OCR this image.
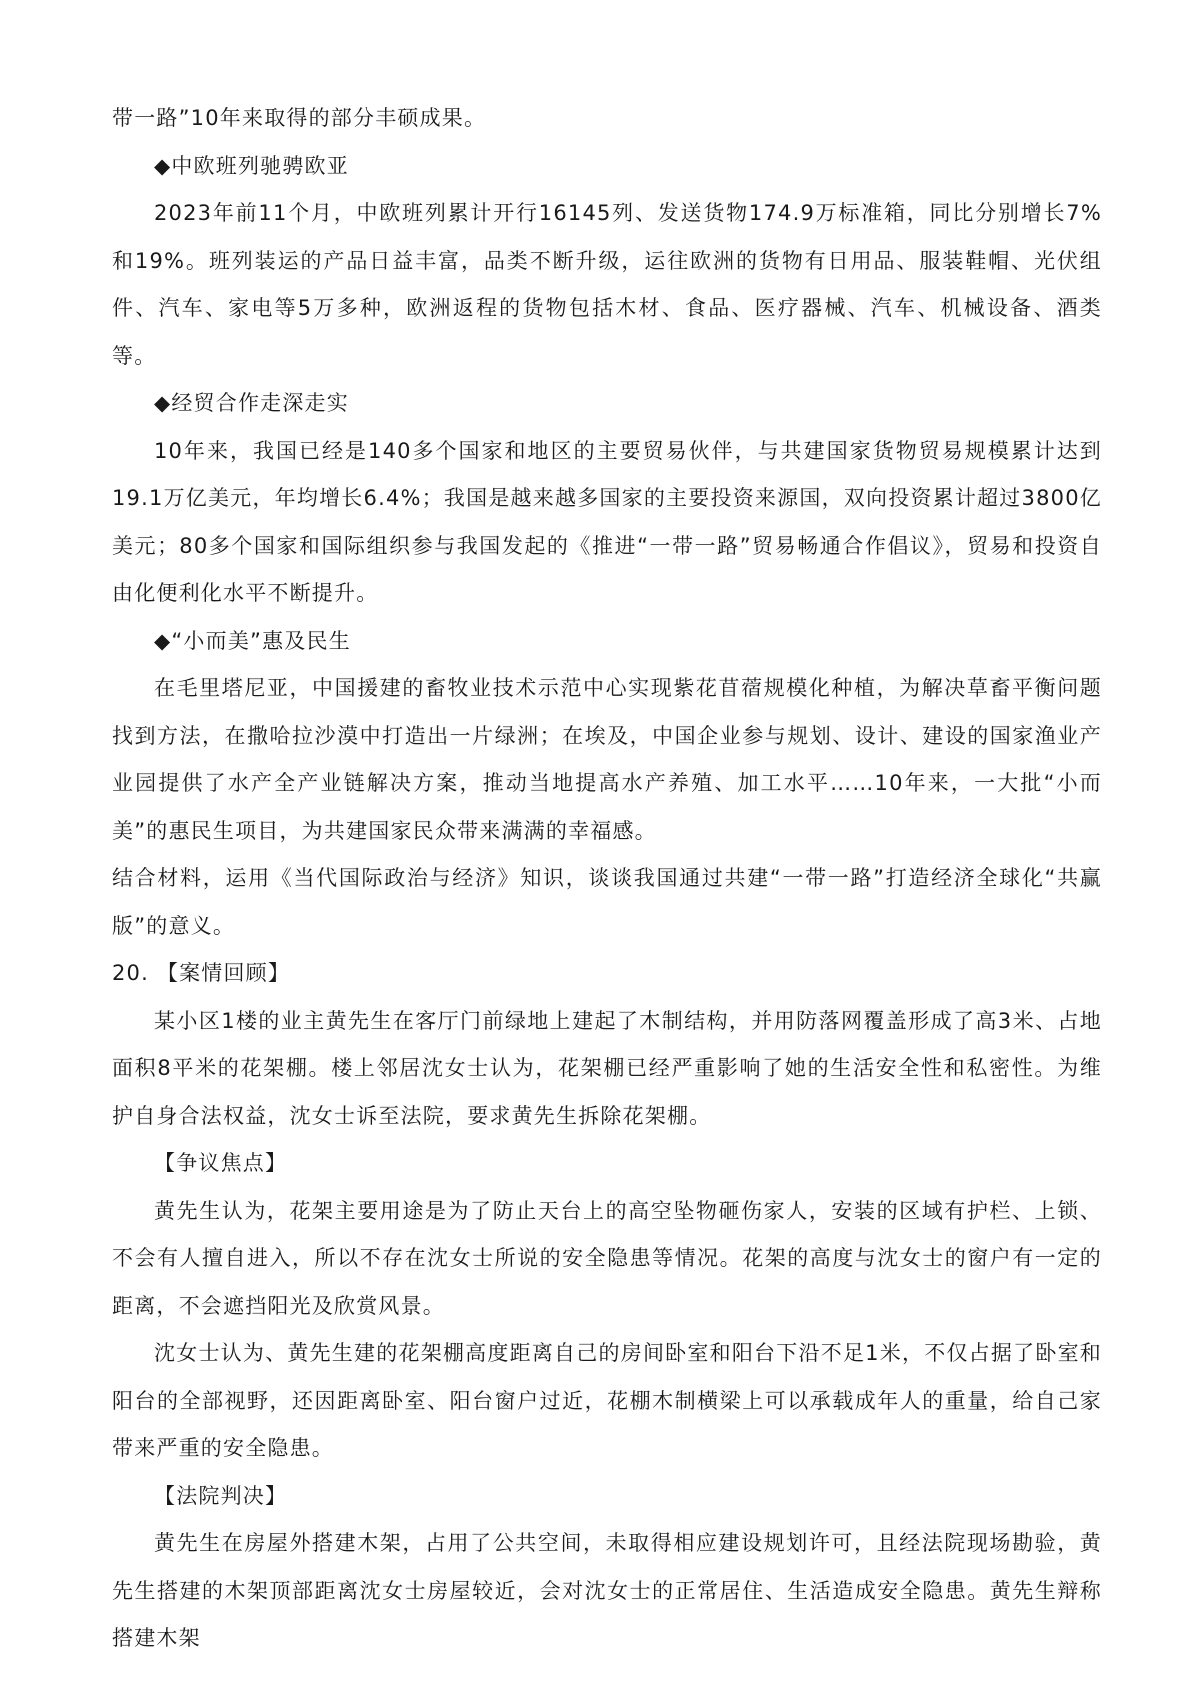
带一路”10年来取得的部分丰硕成果。

◆中欧班列驰骋欧亚

2023年前11个月，中欧班列累计开行16145列、发送货物174.9万标准箱，同比分别增长7%和19%。班列装运的产品日益丰富，品类不断升级，运往欧洲的货物有日用品、服装鞋帽、光伏组件、汽车、家电等5万多种，欧洲返程的货物包括木材、食品、医疗器械、汽车、机械设备、酒类等。

◆经贸合作走深走实

10年来，我国已经是140多个国家和地区的主要贸易伙伴，与共建国家货物贸易规模累计达到19.1万亿美元，年均增长6.4%；我国是越来越多国家的主要投资来源国，双向投资累计超过3800亿美元；80多个国家和国际组织参与我国发起的《推进“一带一路”贸易畅通合作倡议》，贸易和投资自由化便利化水平不断提升。

◆“小而美”惠及民生

在毛里塔尼亚，中国援建的畜牧业技术示范中心实现紫花苜蓿规模化种植，为解决草畜平衡问题找到方法，在撒哈拉沙漠中打造出一片绿洲；在埃及，中国企业参与规划、设计、建设的国家渔业产业园提供了水产全产业链解决方案，推动当地提高水产养殖、加工水平……10年来，一大批“小而美”的惠民生项目，为共建国家民众带来满满的幸福感。

结合材料，运用《当代国际政治与经济》知识，谈谈我国通过共建“一带一路”打造经济全球化“共赢版”的意义。

20. 【案情回顾】

某小区1楼的业主黄先生在客厅门前绿地上建起了木制结构，并用防落网覆盖形成了高3米、占地面积8平米的花架棚。楼上邻居沈女士认为，花架棚已经严重影响了她的生活安全性和私密性。为维护自身合法权益，沈女士诉至法院，要求黄先生拆除花架棚。

【争议焦点】

黄先生认为，花架主要用途是为了防止天台上的高空坠物砸伤家人，安装的区域有护栏、上锁、不会有人擅自进入，所以不存在沈女士所说的安全隐患等情况。花架的高度与沈女士的窗户有一定的距离，不会遮挡阳光及欣赏风景。

沈女士认为、黄先生建的花架棚高度距离自己的房间卧室和阳台下沿不足1米，不仅占据了卧室和阳台的全部视野，还因距离卧室、阳台窗户过近，花棚木制横梁上可以承载成年人的重量，给自己家带来严重的安全隐患。

【法院判决】

黄先生在房屋外搭建木架，占用了公共空间，未取得相应建设规划许可，且经法院现场勘验，黄先生搭建的木架顶部距离沈女士房屋较近，会对沈女士的正常居住、生活造成安全隐患。黄先生辩称搭建木架
